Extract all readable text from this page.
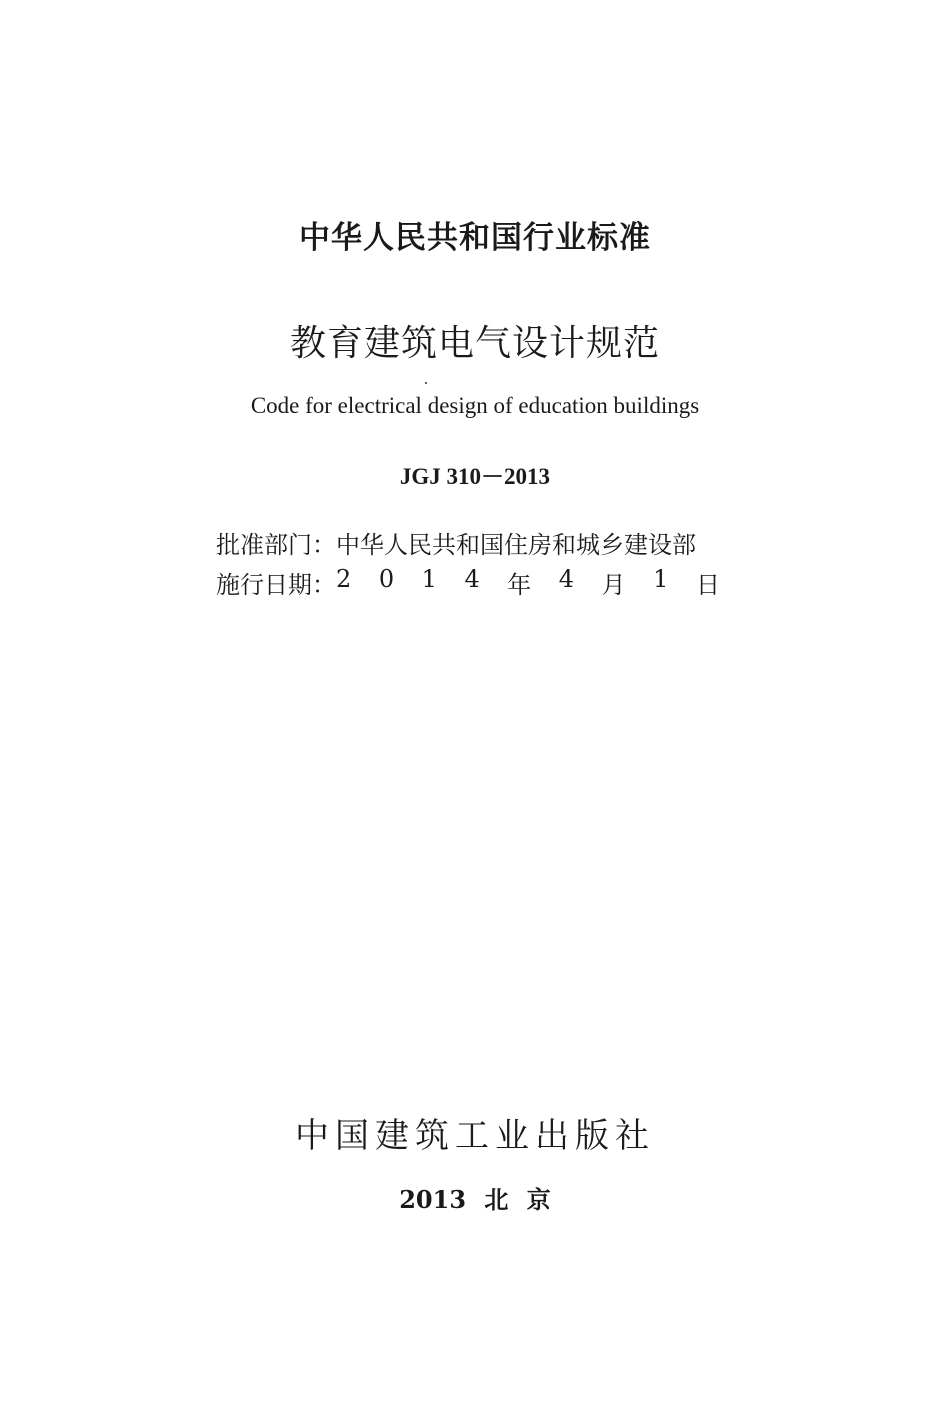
中华人民共和国行业标准
教育建筑电气设计规范
Code for electrical design of education buildings
JGJ 310－2013
批准部门： 中华人民共和国住房和城乡建设部
施行日期： 2 0 1 4 年 4 月 1 日
中国建筑工业出版社
2013 北 京
